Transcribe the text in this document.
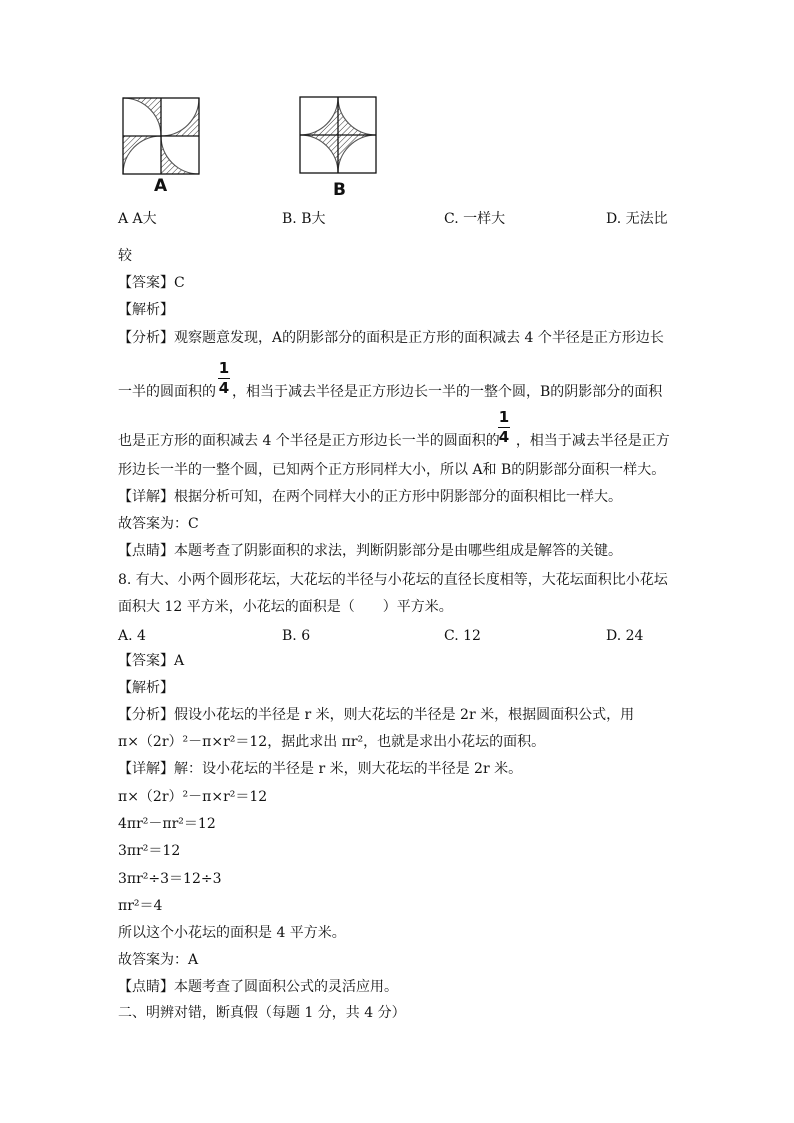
A	B
A A大	B. B大	C. 一样大	D. 无法比
较
【答案】C
【解析】
【分析】观察题意发现，A的阴影部分的面积是正方形的面积减去 4 个半径是正方形边长
一半的圆面积的 ，相当于减去半径是正方形边长一半的一整个圆，B的阴影部分的面积
1
4
也是正方形的面积减去 4 个半径是正方形边长一半的圆面积的 ，相当于减去半径是正方
1
4
形边长一半的一整个圆，已知两个正方形同样大小，所以 A和 B的阴影部分面积一样大。
【详解】根据分析可知，在两个同样大小的正方形中阴影部分的面积相比一样大。
故答案为：C
【点睛】本题考查了阴影面积的求法，判断阴影部分是由哪些组成是解答的关键。
8. 有大、小两个圆形花坛，大花坛的半径与小花坛的直径长度相等，大花坛面积比小花坛
面积大 12 平方米，小花坛的面积是（　　）平方米。
A. 4	B. 6	C. 12	D. 24
【答案】A
【解析】
【分析】假设小花坛的半径是 r 米，则大花坛的半径是 2r 米，根据圆面积公式，用
π×（2r）²－π×r²＝12，据此求出 πr²，也就是求出小花坛的面积。
【详解】解：设小花坛的半径是 r 米，则大花坛的半径是 2r 米。
π×（2r）²－π×r²＝12
4πr²－πr²＝12
3πr²＝12
3πr²÷3＝12÷3
πr²＝4
所以这个小花坛的面积是 4 平方米。
故答案为：A
【点睛】本题考查了圆面积公式的灵活应用。
二、明辨对错，断真假（每题 1 分，共 4 分）
